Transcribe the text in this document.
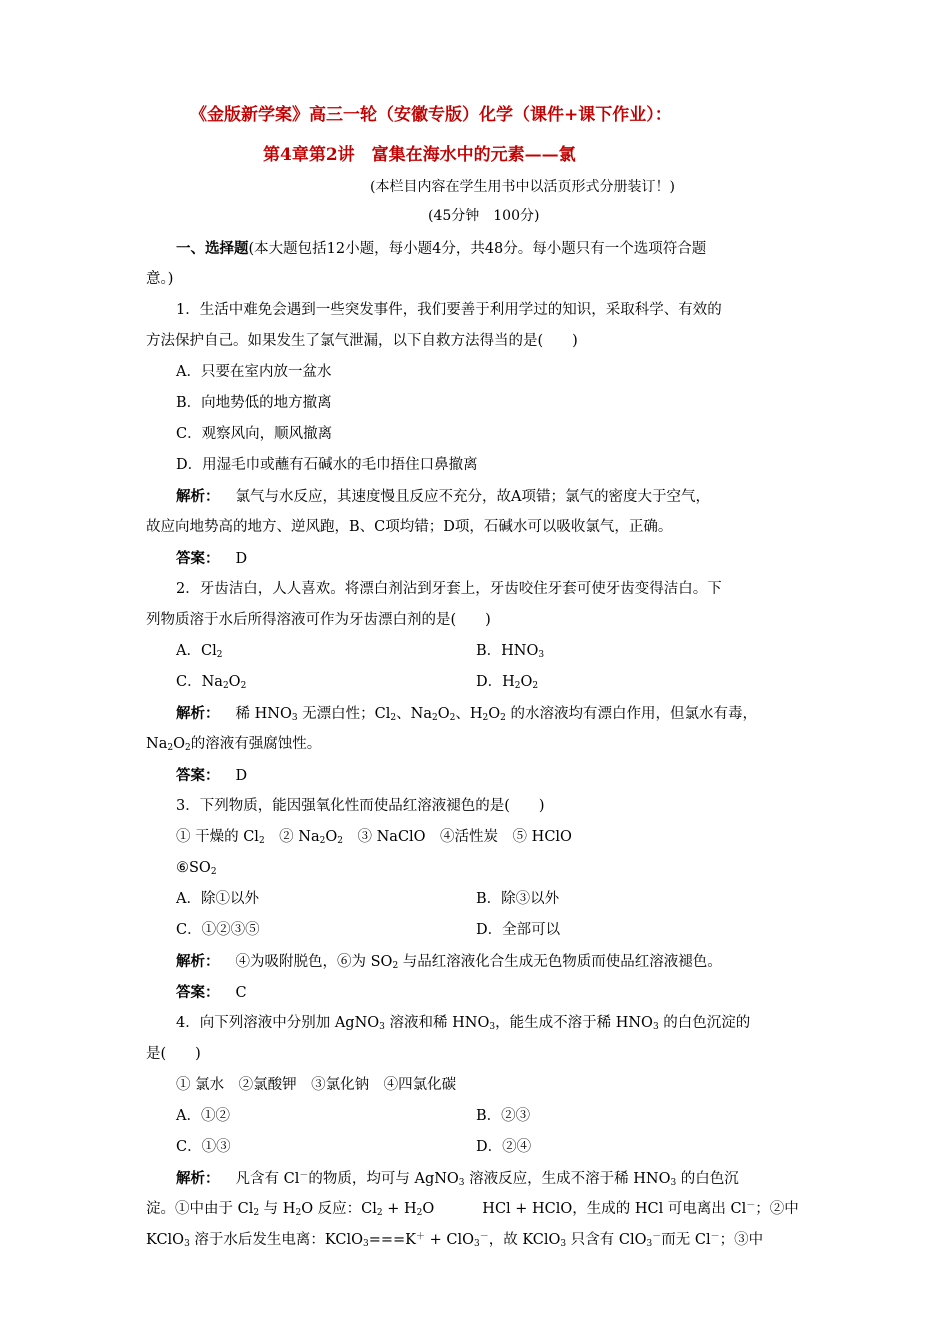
《金版新学案》高三一轮（安徽专版）化学（课件+课下作业）：
第4章第2讲　富集在海水中的元素——氯
(本栏目内容在学生用书中以活页形式分册装订！)
(45分钟　100分)
一、选择题(本大题包括12小题，每小题4分，共48分。每小题只有一个选项符合题
意。)
1．生活中难免会遇到一些突发事件，我们要善于利用学过的知识，采取科学、有效的
方法保护自己。如果发生了氯气泄漏，以下自救方法得当的是(　　)
A．只要在室内放一盆水
B．向地势低的地方撤离
C．观察风向，顺风撤离
D．用湿毛巾或蘸有石碱水的毛巾捂住口鼻撤离
解析： 氯气与水反应，其速度慢且反应不充分，故A项错；氯气的密度大于空气，
故应向地势高的地方、逆风跑，B、C项均错；D项，石碱水可以吸收氯气，正确。
答案： D
2．牙齿洁白，人人喜欢。将漂白剂沾到牙套上，牙齿咬住牙套可使牙齿变得洁白。下
列物质溶于水后所得溶液可作为牙齿漂白剂的是(　　)
A．$Cl_2$	B．$HNO_3$
C．$Na_2O_2$	D．$H_2O_2$
解析： 稀 $HNO_3$ 无漂白性；$Cl_2$、$Na_2O_2$、$H_2O_2$ 的水溶液均有漂白作用，但氯水有毒，
$Na_2O_2$的溶液有强腐蚀性。
答案： D
3．下列物质，能因强氧化性而使品红溶液褪色的是(　　)
① 干燥的 $Cl_2$　② $Na_2O_2$　③ NaClO　④活性炭　⑤ HClO
$⑥SO_2$
A．除①以外	B．除③以外
C．①②③⑤	D．全部可以
解析： ④为吸附脱色，⑥为 $SO_2$ 与品红溶液化合生成无色物质而使品红溶液褪色。
答案： C
4．向下列溶液中分别加 AgNO$_3$ 溶液和稀 $HNO_3$，能生成不溶于稀 $HNO_3$ 的白色沉淀的
是(　　)
① 氯水　②氯酸钾　③氯化钠　④四氯化碳
A．①②	B．②③
C．①③	D．②④
解析： 凡含有 Cl－的物质，均可与 AgNO$_3$ 溶液反应，生成不溶于稀 $HNO_3$ 的白色沉
淀。①中由于 $Cl_2$ 与 $H_2O$ 反应：$Cl_2 + H_2O$	HCl + HClO，生成的 HCl 可电离出 Cl－；②中
KClO$_3$ 溶于水后发生电离：KClO$_3$===K＋ + ClO$_3$－，故 KClO$_3$ 只含有 ClO$_3$－而无 Cl－；③中
